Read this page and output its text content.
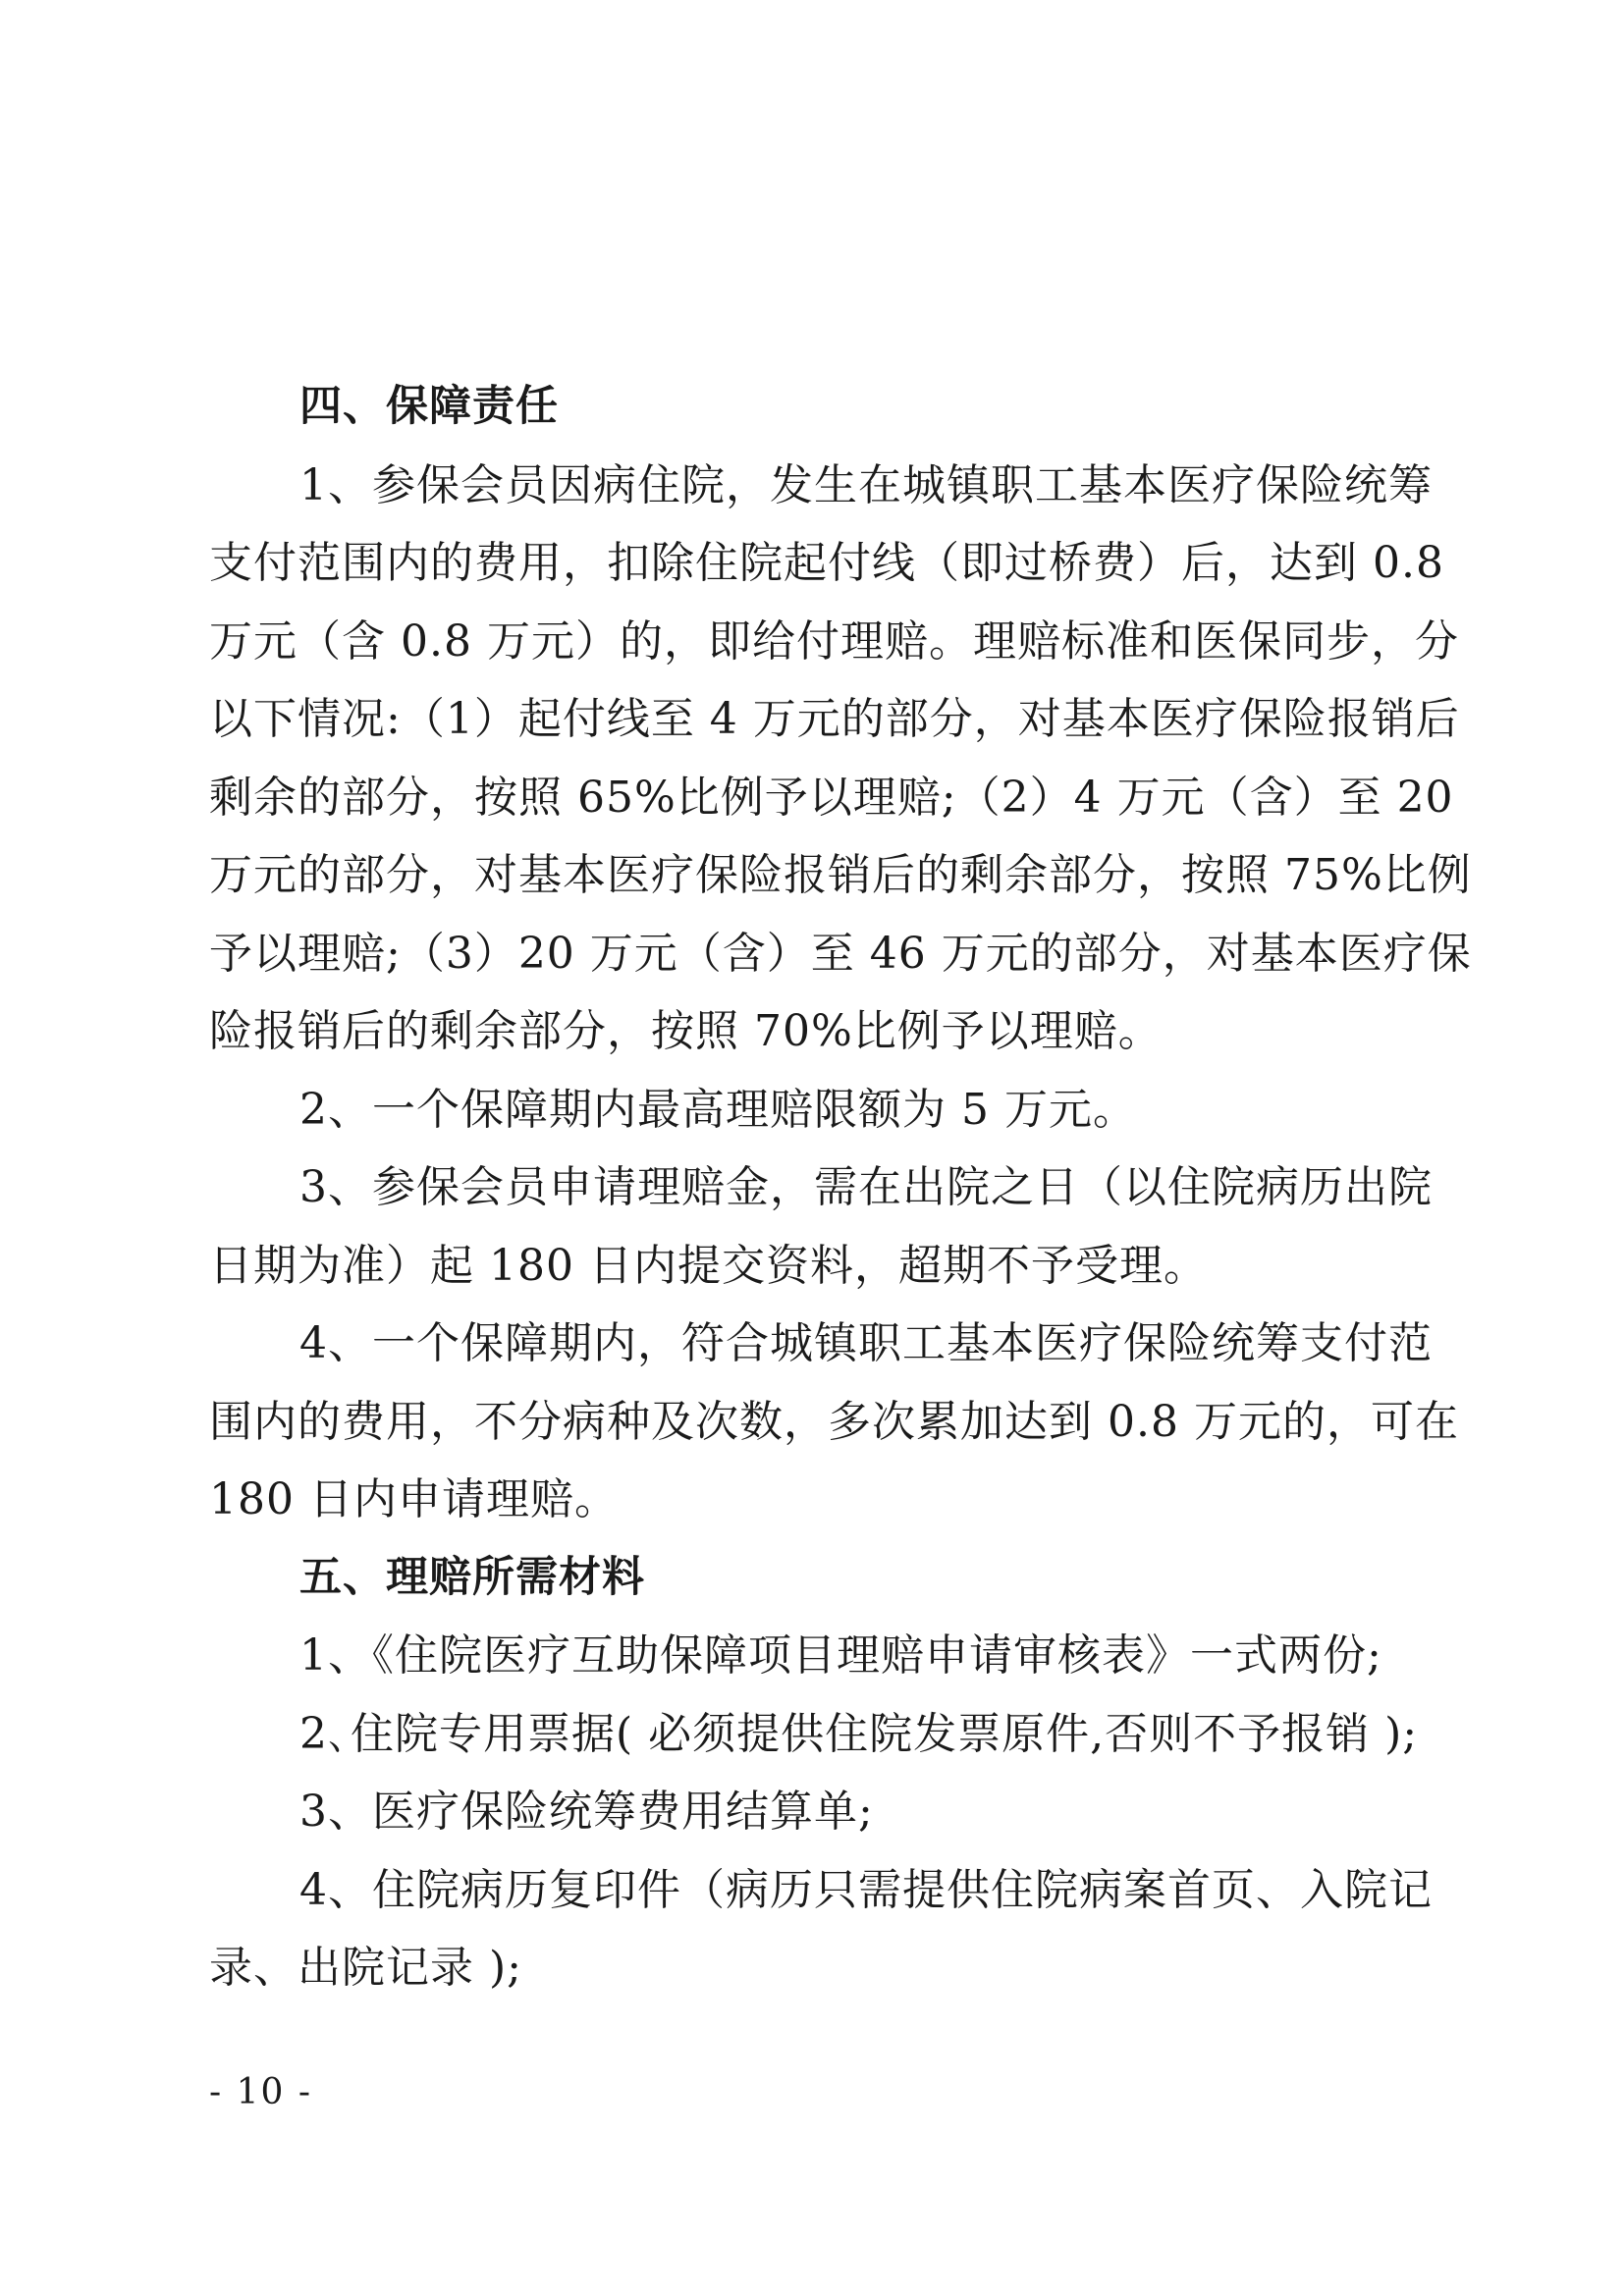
四、保障责任
1、参保会员因病住院，发生在城镇职工基本医疗保险统筹
支付范围内的费用，扣除住院起付线（即过桥费）后，达到 0.8
万元（含 0.8 万元）的，即给付理赔。理赔标准和医保同步，分
以下情况:（1）起付线至 4 万元的部分，对基本医疗保险报销后
剩余的部分，按照 65%比例予以理赔;（2）4 万元（含）至 20
万元的部分，对基本医疗保险报销后的剩余部分，按照 75%比例
予以理赔;（3）20 万元（含）至 46 万元的部分，对基本医疗保
险报销后的剩余部分，按照 70%比例予以理赔。
2、一个保障期内最高理赔限额为 5 万元。
3、参保会员申请理赔金，需在出院之日（以住院病历出院
日期为准）起 180 日内提交资料，超期不予受理。
4、一个保障期内，符合城镇职工基本医疗保险统筹支付范
围内的费用，不分病种及次数，多次累加达到 0.8 万元的，可在
180 日内申请理赔。
五、理赔所需材料
1、《住院医疗互助保障项目理赔申请审核表》一式两份;
2､住院专用票据( 必须提供住院发票原件,否则不予报销 );
3、医疗保险统筹费用结算单;
4、住院病历复印件（病历只需提供住院病案首页、入院记
录、出院记录 );
- 10 -
